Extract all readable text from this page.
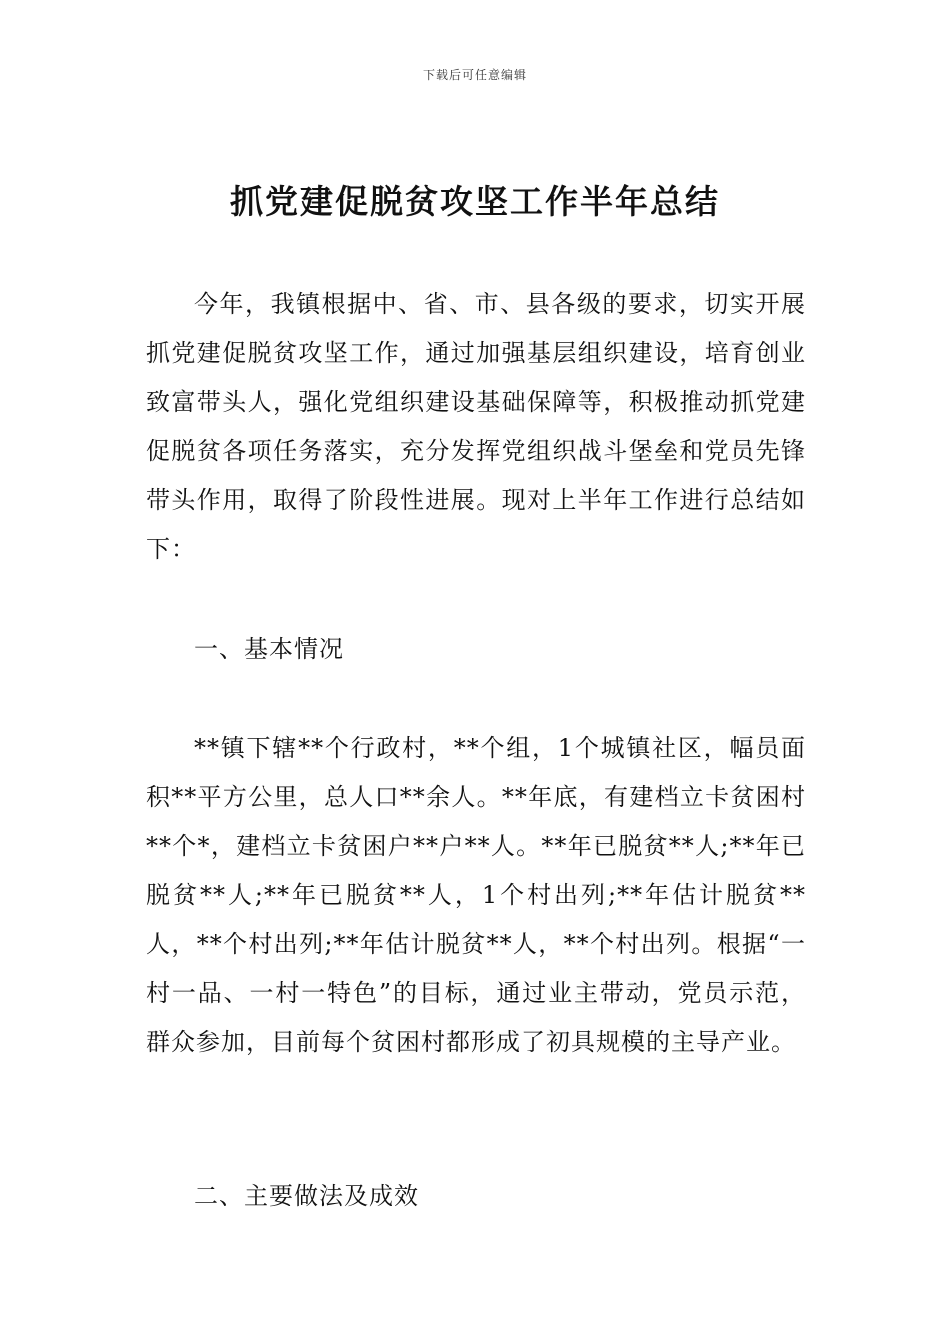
下载后可任意编辑
抓党建促脱贫攻坚工作半年总结
今年，我镇根据中、省、市、县各级的要求，切实开展抓党建促脱贫攻坚工作，通过加强基层组织建设，培育创业致富带头人，强化党组织建设基础保障等，积极推动抓党建促脱贫各项任务落实，充分发挥党组织战斗堡垒和党员先锋带头作用，取得了阶段性进展。现对上半年工作进行总结如下：
一、基本情况
**镇下辖**个行政村，**个组，1个城镇社区，幅员面积**平方公里，总人口**余人。**年底，有建档立卡贫困村**个*，建档立卡贫困户**户**人。**年已脱贫**人;**年已脱贫**人;**年已脱贫**人，1个村出列;**年估计脱贫**人，**个村出列;**年估计脱贫**人，**个村出列。根据“一村一品、一村一特色”的目标，通过业主带动，党员示范，群众参加，目前每个贫困村都形成了初具规模的主导产业。
二、主要做法及成效
